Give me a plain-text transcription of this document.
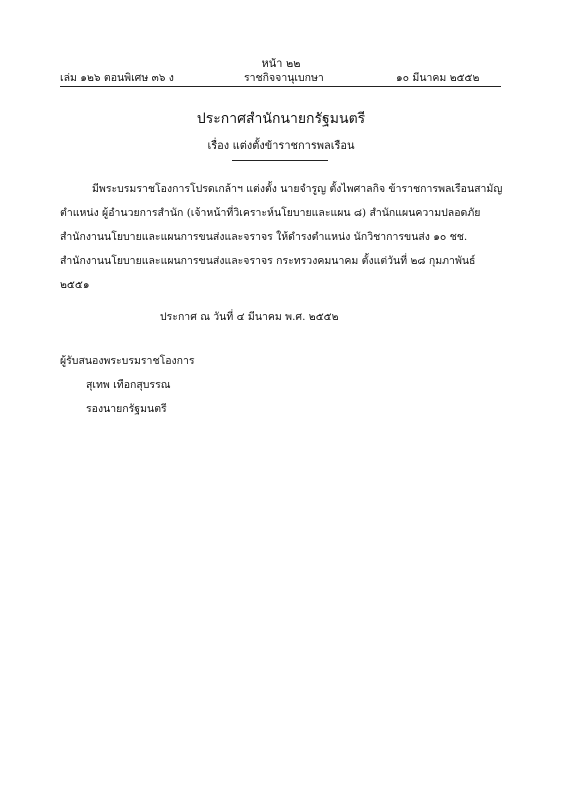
หน้า ๒๒
เล่ม ๑๒๖ ตอนพิเศษ ๓๖ ง	ราชกิจจานุเบกษา	๑๐ มีนาคม ๒๕๕๒
ประกาศสำนักนายกรัฐมนตรี
เรื่อง แต่งตั้งข้าราชการพลเรือน
มีพระบรมราชโองการโปรดเกล้าฯ แต่งตั้ง นายจำรูญ ตั้งไพศาลกิจ ข้าราชการพลเรือนสามัญ
ตำแหน่ง ผู้อำนวยการสำนัก (เจ้าหน้าที่วิเคราะห์นโยบายและแผน ๘) สำนักแผนความปลอดภัย
สำนักงานนโยบายและแผนการขนส่งและจราจร ให้ดำรงตำแหน่ง นักวิชาการขนส่ง ๑๐ ชช.
สำนักงานนโยบายและแผนการขนส่งและจราจร กระทรวงคมนาคม ตั้งแต่วันที่ ๒๘ กุมภาพันธ์
๒๕๕๑
ประกาศ ณ วันที่ ๔ มีนาคม พ.ศ. ๒๕๕๒
ผู้รับสนองพระบรมราชโองการ
สุเทพ เทือกสุบรรณ
รองนายกรัฐมนตรี
